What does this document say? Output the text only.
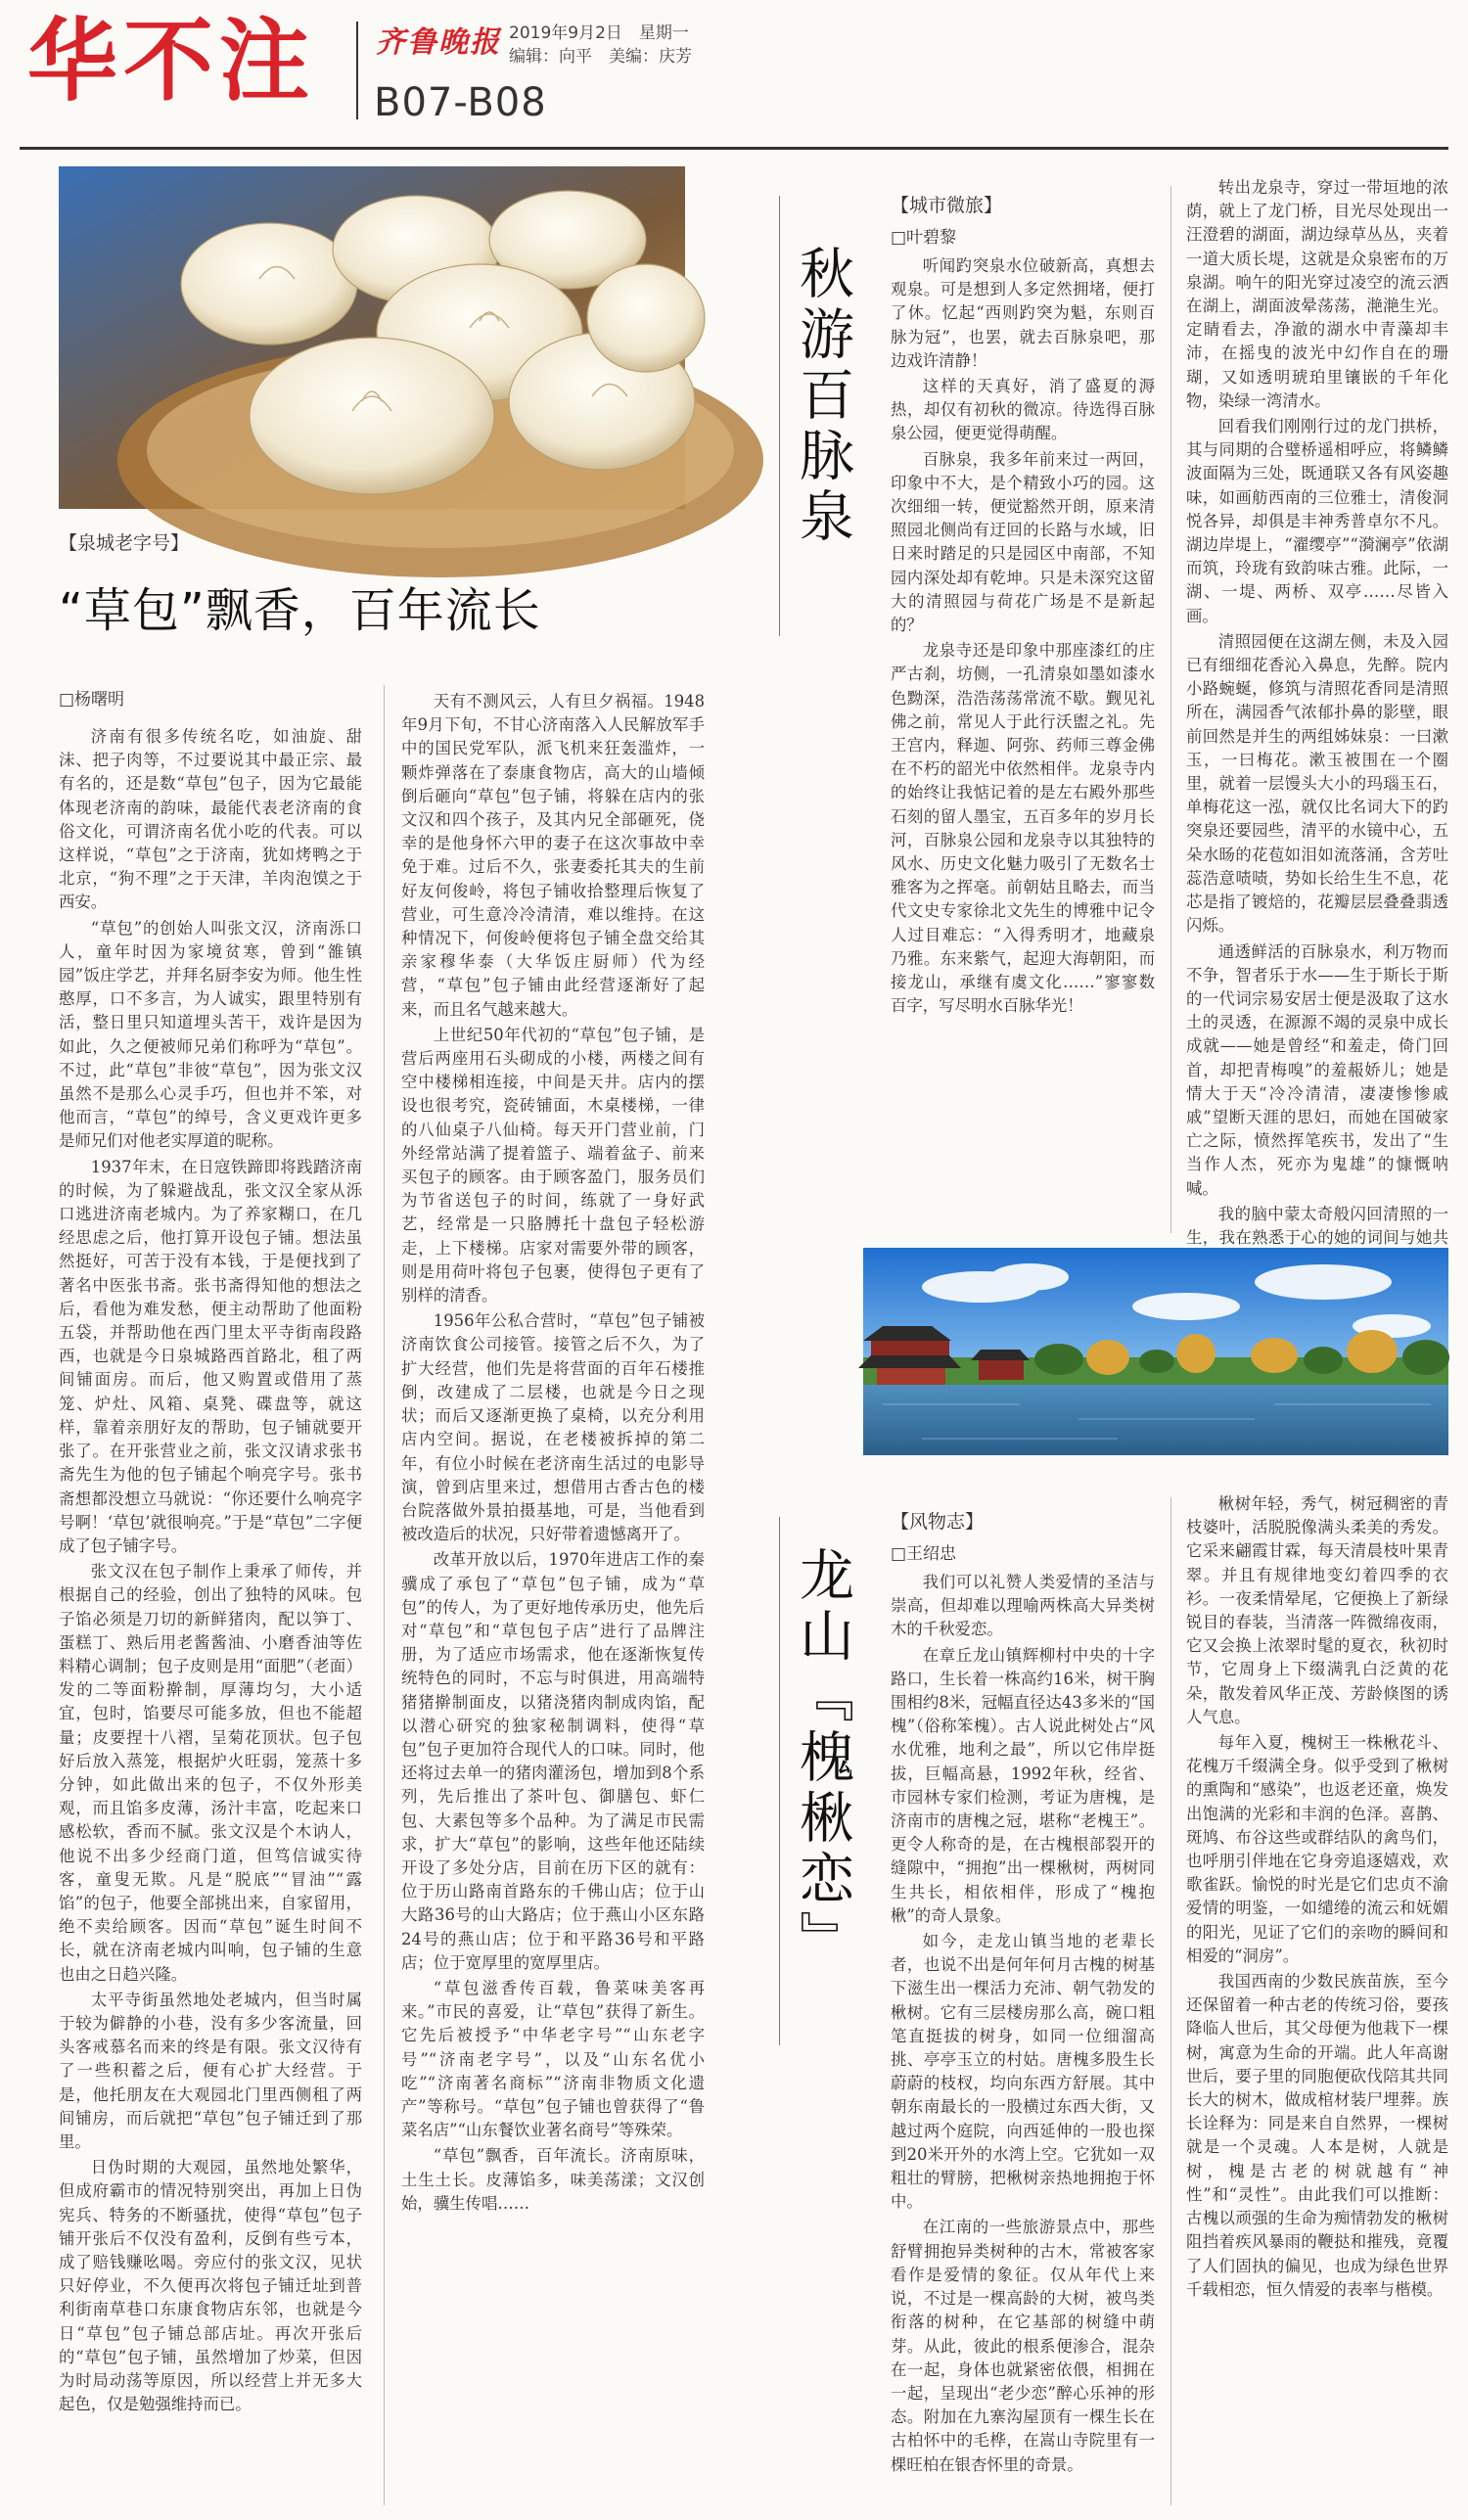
华不注 齐鲁晚报 2019年9月2日　星期一
编辑：向平　美编：庆芳
B07-B08
【泉城老字号】
“草包”飘香，百年流长
□杨曙明

济南有很多传统名吃，如油旋、甜沫、把子肉等，不过要说其中最正宗、最有名的，还是数“草包”包子，因为它最能体现老济南的韵味，最能代表老济南的食俗文化，可谓济南名优小吃的代表。可以这样说，“草包”之于济南，犹如烤鸭之于北京，“狗不理”之于天津，羊肉泡馍之于西安。

“草包”的创始人叫张文汉，济南泺口人，童年时因为家境贫寒，曾到“雒镇园”饭庄学艺，并拜名厨李安为师。他生性憨厚，口不多言，为人诚实，跟里特别有活，整日里只知道埋头苦干，戏许是因为如此，久之便被师兄弟们称呼为“草包”。不过，此“草包”非彼“草包”，因为张文汉虽然不是那么心灵手巧，但也并不笨，对他而言，“草包”的绰号，含义更戏许更多是师兄们对他老实厚道的昵称。

1937年末，在日寇铁蹄即将践踏济南的时候，为了躲避战乱，张文汉全家从泺口逃进济南老城内。为了养家糊口，在几经思虑之后，他打算开设包子铺。想法虽然挺好，可苦于没有本钱，于是便找到了著名中医张书斋。张书斋得知他的想法之后，看他为难发愁，便主动帮助了他面粉五袋，并帮助他在西门里太平寺街南段路西，也就是今日泉城路西首路北，租了两间铺面房。而后，他又购置或借用了蒸笼、炉灶、风箱、桌凳、碟盘等，就这样，靠着亲朋好友的帮助，包子铺就要开张了。在开张营业之前，张文汉请求张书斋先生为他的包子铺起个响亮字号。张书斋想都没想立马就说：“你还要什么响亮字号啊！‘草包’就很响亮。”于是“草包”二字便成了包子铺字号。

张文汉在包子制作上秉承了师传，并根据自己的经验，创出了独特的风味。包子馅必须是刀切的新鲜猪肉，配以笋丁、蛋糕丁、熟后用老酱酱油、小磨香油等佐料精心调制；包子皮则是用“面肥”（老面）发的二等面粉擀制，厚薄均匀，大小适宜，包时，馅要尽可能多放，但也不能超量；皮要捏十八褶，呈菊花顶状。包子包好后放入蒸笼，根据炉火旺弱，笼蒸十多分钟，如此做出来的包子，不仅外形美观，而且馅多皮薄，汤汁丰富，吃起来口感松软，香而不腻。张文汉是个木讷人，他说不出多少经商门道，但笃信诚实待客，童叟无欺。凡是“脱底”“冒油”“露馅”的包子，他要全部挑出来，自家留用，绝不卖给顾客。因而“草包”诞生时间不长，就在济南老城内叫响，包子铺的生意也由之日趋兴隆。

太平寺街虽然地处老城内，但当时属于较为僻静的小巷，没有多少客流量，回头客戒慕名而来的终是有限。张文汉待有了一些积蓄之后，便有心扩大经营。于是，他托朋友在大观园北门里西侧租了两间铺房，而后就把“草包”包子铺迁到了那里。

日伪时期的大观园，虽然地处繁华，但成府霸市的情况特别突出，再加上日伪宪兵、特务的不断骚扰，使得“草包”包子铺开张后不仅没有盈利，反倒有些亏本，成了赔钱赚吆喝。旁应付的张文汉，见状只好停业，不久便再次将包子铺迁址到普利街南草巷口东康食物店东邻，也就是今日“草包”包子铺总部店址。再次开张后的“草包”包子铺，虽然增加了炒菜，但因为时局动荡等原因，所以经营上并无多大起色，仅是勉强维持而已。

天有不测风云，人有旦夕祸福。1948年9月下旬，不甘心济南落入人民解放军手中的国民党军队，派飞机来狂轰滥炸，一颗炸弹落在了泰康食物店，高大的山墙倾倒后砸向“草包”包子铺，将躲在店内的张文汉和四个孩子，及其内兄全部砸死，侥幸的是他身怀六甲的妻子在这次事故中幸免于难。过后不久，张妻委托其夫的生前好友何俊岭，将包子铺收拾整理后恢复了营业，可生意冷冷清清，难以维持。在这种情况下，何俊岭便将包子铺全盘交给其亲家穆华泰（大华饭庄厨师）代为经营，“草包”包子铺由此经营逐渐好了起来，而且名气越来越大。

上世纪50年代初的“草包”包子铺，是营后两座用石头砌成的小楼，两楼之间有空中楼梯相连接，中间是天井。店内的摆设也很考究，瓷砖铺面，木桌楼梯，一律的八仙桌子八仙椅。每天开门营业前，门外经常站满了提着篮子、端着盆子、前来买包子的顾客。由于顾客盈门，服务员们为节省送包子的时间，练就了一身好武艺，经常是一只胳膊托十盘包子轻松游走，上下楼梯。店家对需要外带的顾客，则是用荷叶将包子包裹，使得包子更有了别样的清香。

1956年公私合营时，“草包”包子铺被济南饮食公司接管。接管之后不久，为了扩大经营，他们先是将营面的百年石楼推倒，改建成了二层楼，也就是今日之现状；而后又逐渐更换了桌椅，以充分利用店内空间。据说，在老楼被拆掉的第二年，有位小时候在老济南生活过的电影导演，曾到店里来过，想借用古香古色的楼台院落做外景拍摄基地，可是，当他看到被改造后的状况，只好带着遗憾离开了。

改革开放以后，1970年进店工作的秦骥成了承包了“草包”包子铺，成为“草包”的传人，为了更好地传承历史，他先后对“草包”和“草包包子店”进行了品牌注册，为了适应市场需求，他在逐渐恢复传统特色的同时，不忘与时俱进，用高端特猪猪擀制面皮，以猪浇猪肉制成肉馅，配以潜心研究的独家秘制调料，使得“草包”包子更加符合现代人的口味。同时，他还将过去单一的猪肉灌汤包，增加到8个系列，先后推出了茶叶包、御膳包、虾仁包、大素包等多个品种。为了满足市民需求，扩大“草包”的影响，这些年他还陆续开设了多处分店，目前在历下区的就有：位于历山路南首路东的千佛山店；位于山大路36号的山大路店；位于燕山小区东路24号的燕山店；位于和平路36号和平路店；位于宽厚里的宽厚里店。

“草包滋香传百载，鲁菜味美客再来。”市民的喜爱，让“草包”获得了新生。它先后被授予“中华老字号”“山东老字号”“济南老字号”，以及“山东名优小吃”“济南著名商标”“济南非物质文化遗产”等称号。“草包”包子铺也曾获得了“鲁菜名店”“山东餐饮业著名商号”等殊荣。

“草包”飘香，百年流长。济南原味，土生土长。皮薄馅多，味美荡漾；文汉创始，骥生传唱……

秋游百脉泉
【城市微旅】
□叶碧黎

听闻趵突泉水位破新高，真想去观泉。可是想到人多定然拥堵，便打了休。忆起“西则趵突为魁，东则百脉为冠”，也罢，就去百脉泉吧，那边戏许清静！

这样的天真好，消了盛夏的溽热，却仅有初秋的微凉。待选得百脉泉公园，便更觉得萌醒。

百脉泉，我多年前来过一两回，印象中不大，是个精致小巧的园。这次细细一转，便觉豁然开朗，原来清照园北侧尚有迂回的长路与水域，旧日来时踏足的只是园区中南部，不知园内深处却有乾坤。只是未深究这留大的清照园与荷花广场是不是新起的？

龙泉寺还是印象中那座漆红的庄严古刹，坊侧，一孔清泉如墨如漆水色黝深，浩浩荡荡常流不歇。觐见礼佛之前，常见人于此行沃盥之礼。先王宫内，释迦、阿弥、药师三尊金佛在不朽的韶光中依然相伴。龙泉寺内的始终让我惦记着的是左右殿外那些石刻的留人墨宝，五百多年的岁月长河，百脉泉公园和龙泉寺以其独特的风水、历史文化魅力吸引了无数名士雅客为之挥毫。前朝姑且略去，而当代文史专家徐北文先生的博雅中记令人过目难忘：“入得秀明才，地藏泉乃雅。东来紫气，起迎大海朝阳，而接龙山，承继有虞文化……”寥寥数百字，写尽明水百脉华光！

转出龙泉寺，穿过一带垣地的浓荫，就上了龙门桥，目光尽处现出一汪澄碧的湖面，湖边绿草丛丛，夹着一道大质长堤，这就是众泉密布的万泉湖。响午的阳光穿过凌空的流云洒在湖上，湖面波晕荡荡，滟滟生光。定睛看去，净澈的湖水中青藻却丰沛，在摇曳的波光中幻作自在的珊瑚，又如透明琥珀里镶嵌的千年化物，染绿一湾清水。

回看我们刚刚行过的龙门拱桥，其与同期的合璧桥遥相呼应，将鳞鳞波面隔为三处，既通联又各有风姿趣味，如画舫西南的三位雅士，清俊洞悦各异，却俱是丰神秀普卓尔不凡。湖边岸堤上，“濯缨亭”“漪澜亭”依湖而筑，玲珑有致韵味古雅。此际，一湖、一堤、两桥、双亭……尽皆入画。

清照园便在这湖左侧，未及入园已有细细花香沁入鼻息，先醉。院内小路蜿蜒，修筑与清照花香同是清照所在，满园香气浓郁扑鼻的影壁，眼前回然是并生的两组姊妹泉：一曰漱玉，一曰梅花。漱玉被围在一个圈里，就着一层馒头大小的玛瑙玉石，单梅花这一泓，就仅比名词大下的趵突泉还要园些，清平的水镜中心，五朵水旸的花苞如泪如流落涌，含芳吐蕊浩意啧啧，势如长给生生不息，花芯是指了镀焙的，花瓣层层叠叠翡透闪烁。

通透鲜活的百脉泉水，利万物而不争，智者乐于水——生于斯长于斯的一代词宗易安居士便是汲取了这水土的灵透，在源源不竭的灵泉中成长成就——她是曾经“和羞走，倚门回首，却把青梅嗅”的羞赧娇儿；她是情大于天“冷冷清清，凄凄惨惨戚戚”望断天涯的思妇，而她在国破家亡之际，愤然挥笔疾书，发出了“生当作人杰，死亦为鬼雄”的慷慨呐喊。

我的脑中蒙太奇般闪回清照的一生，我在熟悉于心的她的词间与她共

龙山『槐楸恋』
【风物志】
□王绍忠

我们可以礼赞人类爱情的圣洁与崇高，但却难以理喻两株高大异类树木的千秋爱恋。

在章丘龙山镇辉柳村中央的十字路口，生长着一株高约16米，树干胸围相约8米，冠幅直径达43多米的“国槐”（俗称笨槐）。古人说此树处占“风水优雅，地利之最”，所以它伟岸挺拔，巨幅高悬，1992年秋，经省、市园林专家们检测，考证为唐槐，是济南市的唐槐之冠，堪称“老槐王”。更令人称奇的是，在古槐根部裂开的缝隙中，“拥抱”出一棵楸树，两树同生共长，相依相伴，形成了“槐抱楸”的奇人景象。

如今，走龙山镇当地的老辈长者，也说不出是何年何月古槐的树基下滋生出一棵活力充沛、朝气勃发的楸树。它有三层楼房那么高，碗口粗笔直挺拔的树身，如同一位细溜高挑、亭亭玉立的村姑。唐槐多股生长蔚蔚的枝杈，均向东西方舒展。其中朝东南最长的一股横过东西大街，又越过两个庭院，向西延伸的一股也探到20米开外的水湾上空。它犹如一双粗壮的臂膀，把楸树亲热地拥抱于怀中。

在江南的一些旅游景点中，那些舒臂拥抱异类树种的古木，常被客家看作是爱情的象征。仅从年代上来说，不过是一棵高龄的大树，被鸟类衔落的树种，在它基部的树缝中萌芽。从此，彼此的根系便渗合，混杂在一起，身体也就紧密依偎，相拥在一起，呈现出“老少恋”醉心乐神的形态。附加在九寨沟屋顶有一棵生长在古柏怀中的毛桦，在嵩山寺院里有一棵旺柏在银杏怀里的奇景。

楸树年轻，秀气，树冠稠密的青枝婆叶，活脱脱像满头柔美的秀发。它采来翩霞甘霖，每天清晨枝叶果青翠。并且有规律地变幻着四季的衣衫。一夜柔情晕尾，它便换上了新绿锐目的春装，当清落一阵微绵夜雨，它又会换上浓翠时髦的夏衣，秋初时节，它周身上下缀满乳白泛黄的花朵，散发着风华正茂、芳龄倏图的诱人气息。

每年入夏，槐树王一株楸花斗、花槐万千缀满全身。似乎受到了楸树的熏陶和“感染”，也返老还童，焕发出饱满的光彩和丰润的色泽。喜鹊、斑鸠、布谷这些或群结队的禽鸟们，也呼朋引伴地在它身旁追逐嬉戏，欢歌雀跃。愉悦的时光是它们忠贞不渝爱情的明鉴，一如缱绻的流云和妩媚的阳光，见证了它们的亲吻的瞬间和相爱的“洞房”。

我国西南的少数民族苗族，至今还保留着一种古老的传统习俗，要孩降临人世后，其父母便为他栽下一棵树，寓意为生命的开端。此人年高谢世后，要子里的同胞便砍伐陪其共同长大的树木，做成棺材装尸埋葬。族长诠释为：同是来自自然界，一棵树就是一个灵魂。人本是树，人就是树，槐是古老的树就越有“神性”和“灵性”。由此我们可以推断：古槐以顽强的生命为痴情勃发的楸树阻挡着疾风暴雨的鞭挞和摧残，竟覆了人们固执的偏见，也成为绿色世界千载相恋，恒久情爱的表率与楷模。
